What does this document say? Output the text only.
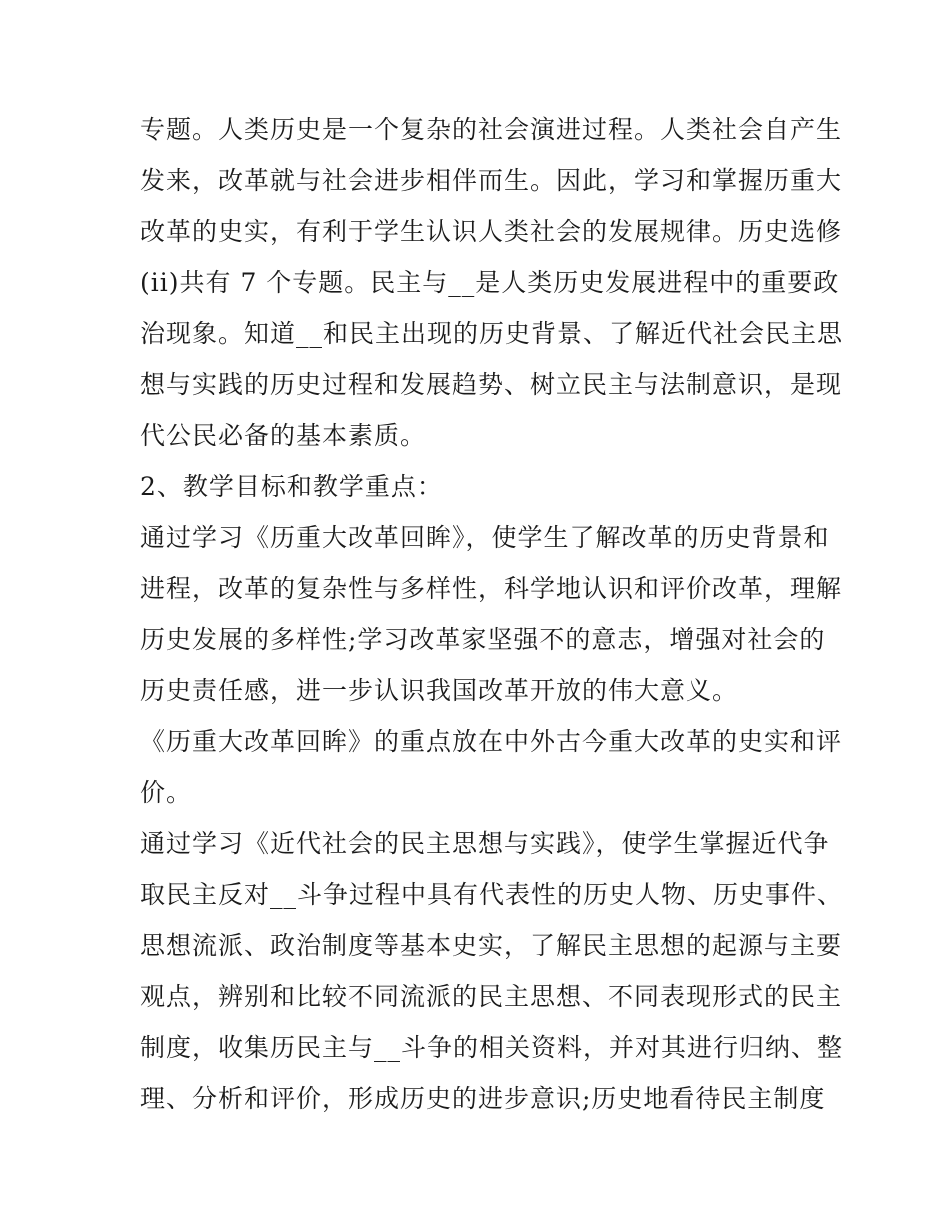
专题。人类历史是一个复杂的社会演进过程。人类社会自产生
发来，改革就与社会进步相伴而生。因此，学习和掌握历重大
改革的史实，有利于学生认识人类社会的发展规律。历史选修
(ii)共有 7 个专题。民主与__是人类历史发展进程中的重要政
治现象。知道__和民主出现的历史背景、了解近代社会民主思
想与实践的历史过程和发展趋势、树立民主与法制意识，是现
代公民必备的基本素质。
2、教学目标和教学重点：
通过学习《历重大改革回眸》，使学生了解改革的历史背景和
进程，改革的复杂性与多样性，科学地认识和评价改革，理解
历史发展的多样性;学习改革家坚强不的意志，增强对社会的
历史责任感，进一步认识我国改革开放的伟大意义。
《历重大改革回眸》的重点放在中外古今重大改革的史实和评
价。
通过学习《近代社会的民主思想与实践》，使学生掌握近代争
取民主反对__斗争过程中具有代表性的历史人物、历史事件、
思想流派、政治制度等基本史实，了解民主思想的起源与主要
观点，辨别和比较不同流派的民主思想、不同表现形式的民主
制度，收集历民主与__斗争的相关资料，并对其进行归纳、整
理、分析和评价，形成历史的进步意识;历史地看待民主制度
